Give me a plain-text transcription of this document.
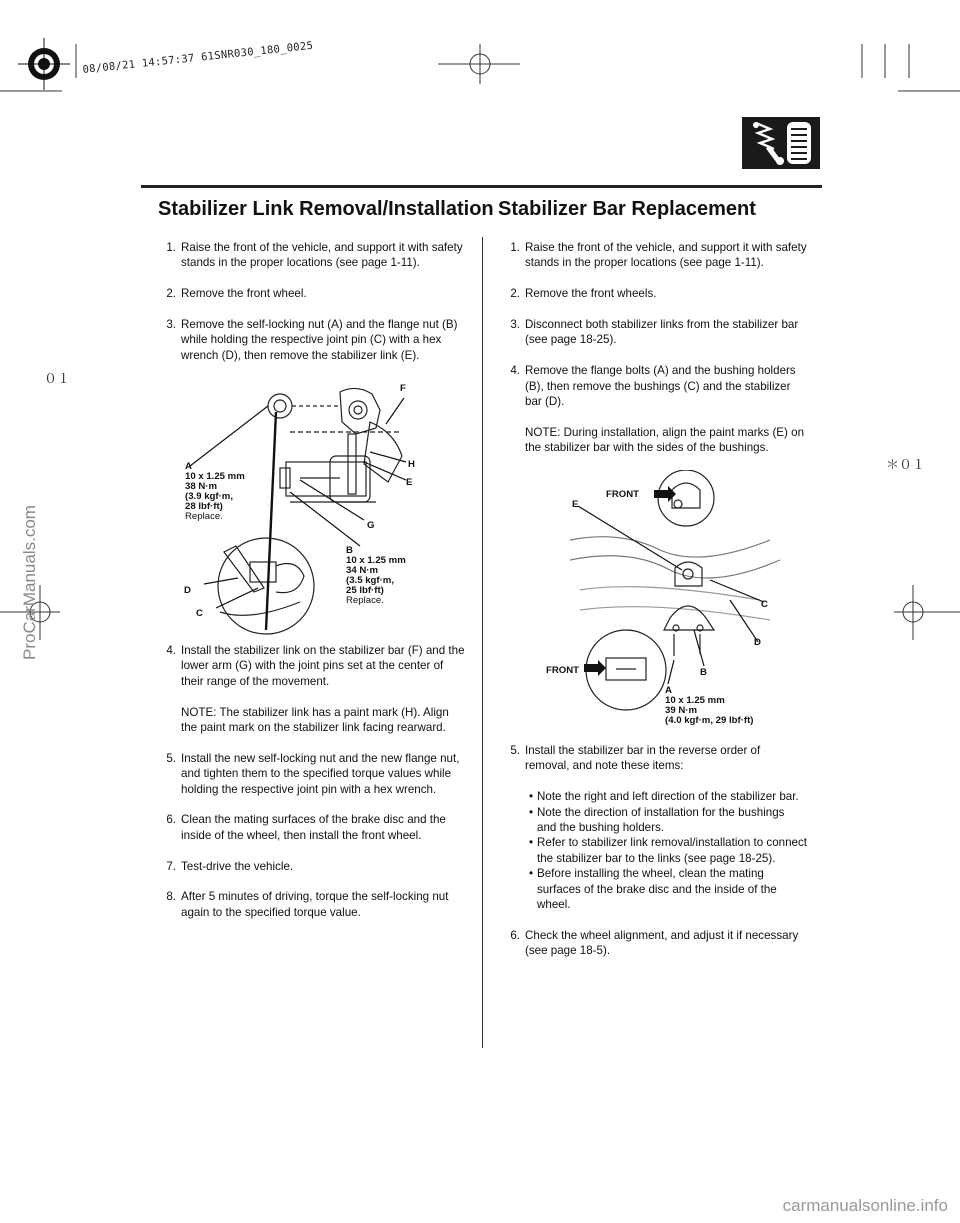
08/08/21 14:57:37 61SNR030_180_0025
０１
＊０１
Stabilizer Link Removal/Installation Stabilizer Bar Replacement
1. Raise the front of the vehicle, and support it with safety stands in the proper locations (see page 1-11).
2. Remove the front wheel.
3. Remove the self-locking nut (A) and the flange nut (B) while holding the respective joint pin (C) with a hex wrench (D), then remove the stabilizer link (E).
A
10 x 1.25 mm
38 N·m
(3.9 kgf·m,
28 lbf·ft)
Replace.
F
H
E
G
B
10 x 1.25 mm
34 N·m
(3.5 kgf·m,
25 lbf·ft)
Replace.
D
C
4. Install the stabilizer link on the stabilizer bar (F) and the lower arm (G) with the joint pins set at the center of their range of the movement.
NOTE: The stabilizer link has a paint mark (H). Align the paint mark on the stabilizer link facing rearward.
5. Install the new self-locking nut and the new flange nut, and tighten them to the specified torque values while holding the respective joint pin with a hex wrench.
6. Clean the mating surfaces of the brake disc and the inside of the wheel, then install the front wheel.
7. Test-drive the vehicle.
8. After 5 minutes of driving, torque the self-locking nut again to the specified torque value.
1. Raise the front of the vehicle, and support it with safety stands in the proper locations (see page 1-11).
2. Remove the front wheels.
3. Disconnect both stabilizer links from the stabilizer bar (see page 18-25).
4. Remove the flange bolts (A) and the bushing holders (B), then remove the bushings (C) and the stabilizer bar (D).
NOTE: During installation, align the paint marks (E) on the stabilizer bar with the sides of the bushings.
FRONT
E
C
D
FRONT	B
A
10 x 1.25 mm
39 N·m
(4.0 kgf·m, 29 lbf·ft)
5. Install the stabilizer bar in the reverse order of removal, and note these items:
• Note the right and left direction of the stabilizer bar.
• Note the direction of installation for the bushings and the bushing holders.
• Refer to stabilizer link removal/installation to connect the stabilizer bar to the links (see page 18-25).
• Before installing the wheel, clean the mating surfaces of the brake disc and the inside of the wheel.
6. Check the wheel alignment, and adjust it if necessary (see page 18-5).
ProCarManuals.com
carmanualsonline.info
